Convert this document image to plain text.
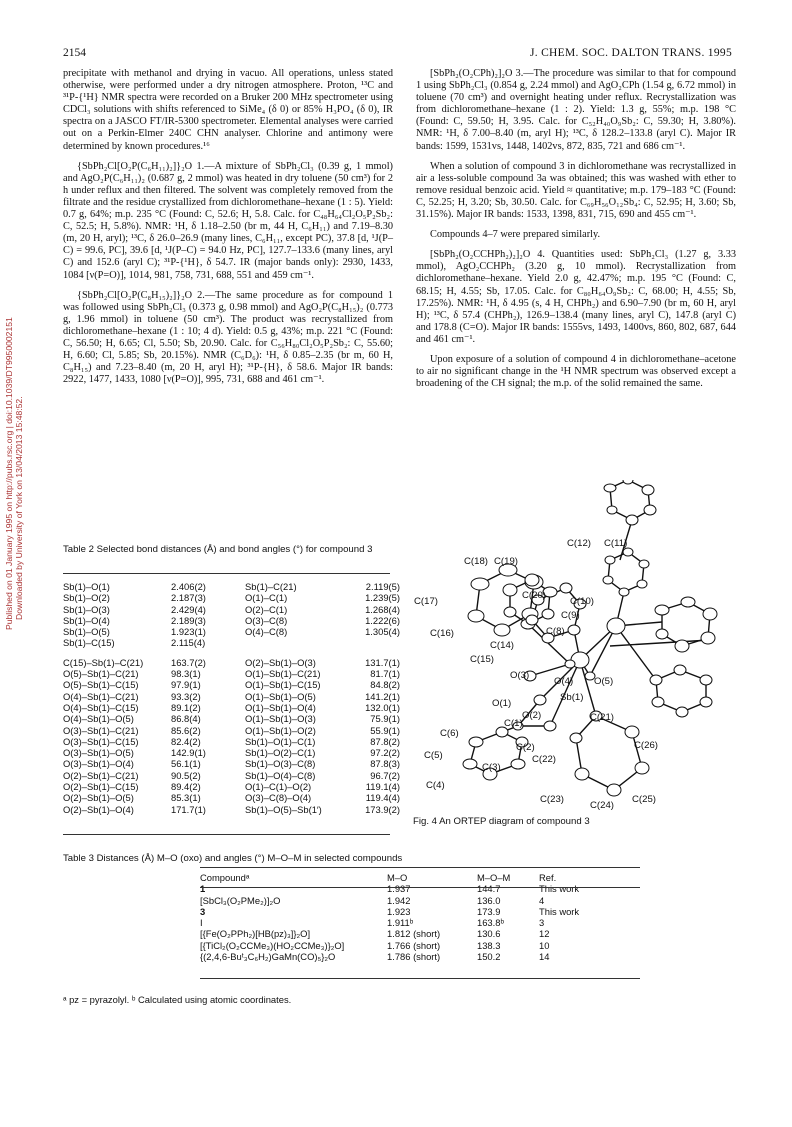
2154	J. CHEM. SOC. DALTON TRANS. 1995
Published on 01 January 1995 on http://pubs.rsc.org | doi:10.1039/DT9950002151 Downloaded by University of York on 13/04/2013 15:48:52.

precipitate with methanol and drying in vacuo. All operations, unless stated otherwise, were performed under a dry nitrogen atmosphere. Proton, ¹³C and ³¹P-{¹H} NMR spectra were recorded on a Bruker 200 MHz spectrometer using CDCl₃ solutions with shifts referenced to SiMe₄ (δ 0) or 85% H₃PO₄ (δ 0), IR spectra on a JASCO FT/IR-5300 spectrometer. Elemental analyses were carried out on a Perkin-Elmer 240C CHN analyser. Chlorine and antimony were determined by known procedures.¹⁶

{SbPh₂Cl[O₂P(C₆H₁₁)₂]}₂O 1.—A mixture of SbPh₂Cl₃ (0.39 g, 1 mmol) and AgO₂P(C₆H₁₁)₂ (0.687 g, 2 mmol) was heated in dry toluene (50 cm³) for 2 h under reflux and then filtered. The solvent was completely removed from the filtrate and the residue crystallized from dichloromethane–hexane (1 : 5). Yield: 0.7 g, 64%; m.p. 235 °C (Found: C, 52.6; H, 5.8. Calc. for C₄₈H₆₄Cl₂O₅P₂Sb₂: C, 52.5; H, 5.8%). NMR: ¹H, δ 1.18–2.50 (br m, 44 H, C₆H₁₁) and 7.19–8.30 (m, 20 H, aryl); ¹³C, δ 26.0–26.9 (many lines, C₆H₁₁, except PC), 37.8 [d, ¹J(P–C) = 99.6, PC], 39.6 [d, ¹J(P–C) = 94.0 Hz, PC], 127.7–133.6 (many lines, aryl C) and 152.6 (aryl C); ³¹P-{¹H}, δ 54.7. IR (major bands only): 2930, 1433, 1084 [ν(P=O)], 1014, 981, 758, 731, 688, 551 and 459 cm⁻¹.

{SbPh₂Cl[O₂P(C₈H₁₅)₂]}₂O 2.—The same procedure as for compound 1 was followed using SbPh₂Cl₃ (0.373 g, 0.98 mmol) and AgO₂P(C₈H₁₅)₂ (0.773 g, 1.96 mmol) in toluene (50 cm³). The product was recrystallized from dichloromethane–hexane (1 : 10; 4 d). Yield: 0.5 g, 43%; m.p. 221 °C (Found: C, 56.50; H, 6.65; Cl, 5.50; Sb, 20.90. Calc. for C₅₆H₈₀Cl₂O₅P₂Sb₂: C, 55.60; H, 6.60; Cl, 5.85; Sb, 20.15%). NMR (C₆D₆): ¹H, δ 0.85–2.35 (br m, 60 H, C₈H₁₅) and 7.23–8.40 (m, 20 H, aryl H); ³¹P-{H}, δ 58.6. Major IR bands: 2922, 1477, 1433, 1080 [ν(P=O)], 995, 731, 688 and 461 cm⁻¹.

[SbPh₂(O₂CPh)₂]₂O 3.—The procedure was similar to that for compound 1 using SbPh₂Cl₃ (0.854 g, 2.24 mmol) and AgO₂CPh (1.54 g, 6.72 mmol) in toluene (70 cm³) and overnight heating under reflux. Recrystallization was from dichloromethane–hexane (1 : 2). Yield: 1.3 g, 55%; m.p. 198 °C (Found: C, 59.50; H, 3.95. Calc. for C₅₂H₄₀O₉Sb₂: C, 59.30; H, 3.80%). NMR: ¹H, δ 7.00–8.40 (m, aryl H); ¹³C, δ 128.2–133.8 (aryl C). Major IR bands: 1599, 1531vs, 1448, 1402vs, 872, 835, 721 and 686 cm⁻¹.

When a solution of compound 3 in dichloromethane was recrystallized in air a less-soluble compound 3a was obtained; this was washed with ether to remove residual benzoic acid. Yield ≈ quantitative; m.p. 179–183 °C (Found: C, 52.25; H, 3.20; Sb, 30.50. Calc. for C₆₉H₅₆O₁₂Sb₄: C, 52.95; H, 3.60; Sb, 31.15%). Major IR bands: 1533, 1398, 831, 715, 690 and 455 cm⁻¹.

Compounds 4–7 were prepared similarly.

[SbPh₂(O₂CCHPh₂)₂]₂O 4. Quantities used: SbPh₂Cl₃ (1.27 g, 3.33 mmol), AgO₂CCHPh₂ (3.20 g, 10 mmol). Recrystallization from dichloromethane–hexane. Yield 2.0 g, 42.47%; m.p. 195 °C (Found: C, 68.15; H, 4.55; Sb, 17.05. Calc. for C₈₀H₆₄O₉Sb₂: C, 68.00; H, 4.55; Sb, 17.25%). NMR: ¹H, δ 4.95 (s, 4 H, CHPh₂) and 6.90–7.90 (br m, 60 H, aryl H); ¹³C, δ 57.4 (CHPh₂), 126.9–138.4 (many lines, aryl C), 147.8 (aryl C) and 178.8 (C=O). Major IR bands: 1555vs, 1493, 1400vs, 860, 802, 687, 644 and 461 cm⁻¹.

Upon exposure of a solution of compound 4 in dichloromethane–acetone to air no significant change in the ¹H NMR spectrum was observed except a broadening of the CH signal; the m.p. of the solid remained the same.

Table 2 Selected bond distances (Å) and bond angles (°) for compound 3
Sb(1)–O(1)	2.406(2)	Sb(1)–C(21)	2.119(5)
Sb(1)–O(2)	2.187(3)	O(1)–C(1)	1.239(5)
Sb(1)–O(3)	2.429(4)	O(2)–C(1)	1.268(4)
Sb(1)–O(4)	2.189(3)	O(3)–C(8)	1.222(6)
Sb(1)–O(5)	1.923(1)	O(4)–C(8)	1.305(4)
Sb(1)–C(15)	2.115(4)		
C(15)–Sb(1)–C(21)	163.7(2)	O(2)–Sb(1)–O(3)	131.7(1)
O(5)–Sb(1)–C(21)	98.3(1)	O(1)–Sb(1)–C(21)	81.7(1)
O(5)–Sb(1)–C(15)	97.9(1)	O(1)–Sb(1)–C(15)	84.8(2)
O(4)–Sb(1)–C(21)	93.3(2)	O(1)–Sb(1)–O(5)	141.2(1)
O(4)–Sb(1)–C(15)	89.1(2)	O(1)–Sb(1)–O(4)	132.0(1)
O(4)–Sb(1)–O(5)	86.8(4)	O(1)–Sb(1)–O(3)	75.9(1)
O(3)–Sb(1)–C(21)	85.6(2)	O(1)–Sb(1)–O(2)	55.9(1)
O(3)–Sb(1)–C(15)	82.4(2)	Sb(1)–O(1)–C(1)	87.8(2)
O(3)–Sb(1)–O(5)	142.9(1)	Sb(1)–O(2)–C(1)	97.2(2)
O(3)–Sb(1)–O(4)	56.1(1)	Sb(1)–O(3)–C(8)	87.8(3)
O(2)–Sb(1)–C(21)	90.5(2)	Sb(1)–O(4)–C(8)	96.7(2)
O(2)–Sb(1)–C(15)	89.4(2)	O(1)–C(1)–O(2)	119.1(4)
O(2)–Sb(1)–O(5)	85.3(1)	O(3)–C(8)–O(4)	119.4(4)
O(2)–Sb(1)–O(4)	171.7(1)	Sb(1)–O(5)–Sb(1′)	173.9(2)
C(12) C(11)
C(18) C(19)
C(17)
C(20)
C(10)
C(9)
C(8)
C(16)
C(14)
C(15)
O(3)
O(4) O(5)
O(1)
Sb(1)
C(21)
O(2)
C(1)
C(6)
C(2)
C(5)
C(3)
C(22)
C(26)
C(4)
C(23)	C(25)
C(24)
Fig. 4 An ORTEP diagram of compound 3
Table 3 Distances (Å) M–O (oxo) and angles (°) M–O–M in selected compounds
Compoundᵃ	M–O	M–O–M	Ref.
1	1.937	144.7	This work
[SbCl₃(O₂PMe₂)]₂O	1.942	136.0	4
3	1.923	173.9	This work
I	1.911ᵇ	163.8ᵇ	3
[{Fe(O₂PPh₂)[HB(pz)₃]}₂O]	1.812 (short)	130.6	12
[{TiCl₂(O₂CCMe₃)(HO₂CCMe₃)}₂O]	1.766 (short)	138.3	10
{(2,4,6-Buᵗ₃C₆H₂)GaMn(CO)₅}₂O	1.786 (short)	150.2	14
ᵃ pz = pyrazolyl. ᵇ Calculated using atomic coordinates.
